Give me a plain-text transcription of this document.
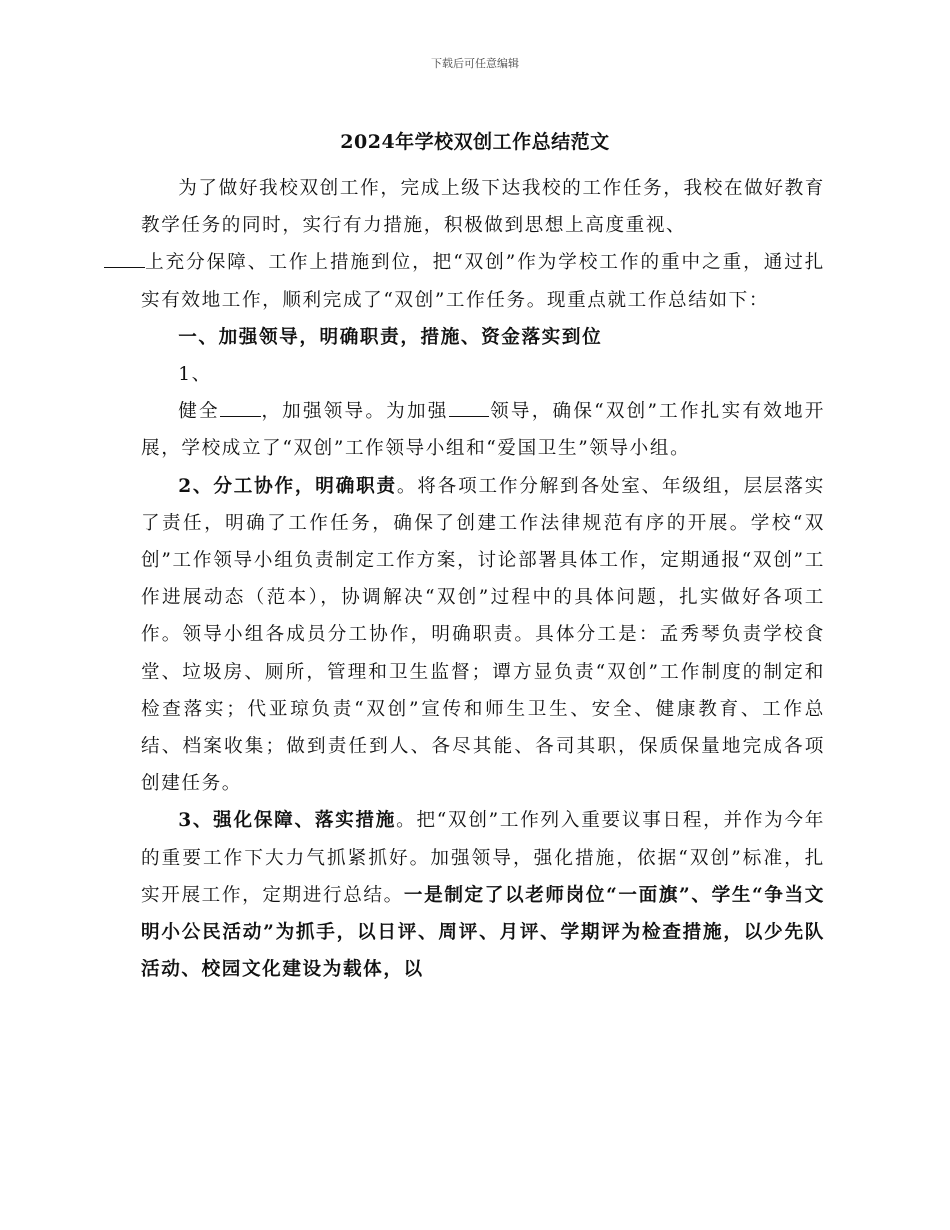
下载后可任意编辑
2024年学校双创工作总结范文

为了做好我校双创工作，完成上级下达我校的工作任务，我校在做好教育教学任务的同时，实行有力措施，积极做到思想上高度重视、
上充分保障、工作上措施到位，把“双创”作为学校工作的重中之重，通过扎实有效地工作，顺利完成了“双创”工作任务。现重点就工作总结如下：

一、加强领导，明确职责，措施、资金落实到位

1、

健全 ，加强领导。为加强 领导，确保“双创”工作扎实有效地开展，学校成立了“双创”工作领导小组和“爱国卫生”领导小组。

2、分工协作，明确职责。将各项工作分解到各处室、年级组，层层落实了责任，明确了工作任务，确保了创建工作法律规范有序的开展。学校“双创”工作领导小组负责制定工作方案，讨论部署具体工作，定期通报“双创”工作进展动态（范本），协调解决“双创”过程中的具体问题，扎实做好各项工作。领导小组各成员分工协作，明确职责。具体分工是：孟秀琴负责学校食堂、垃圾房、厕所，管理和卫生监督；谭方显负责“双创”工作制度的制定和检查落实；代亚琼负责“双创”宣传和师生卫生、安全、健康教育、工作总结、档案收集；做到责任到人、各尽其能、各司其职，保质保量地完成各项创建任务。

3、强化保障、落实措施。把“双创”工作列入重要议事日程，并作为今年的重要工作下大力气抓紧抓好。加强领导，强化措施，依据“双创”标准，扎实开展工作，定期进行总结。一是制定了以老师岗位“一面旗”、学生“争当文明小公民活动”为抓手，以日评、周评、月评、学期评为检查措施，以少先队活动、校园文化建设为载体，以
